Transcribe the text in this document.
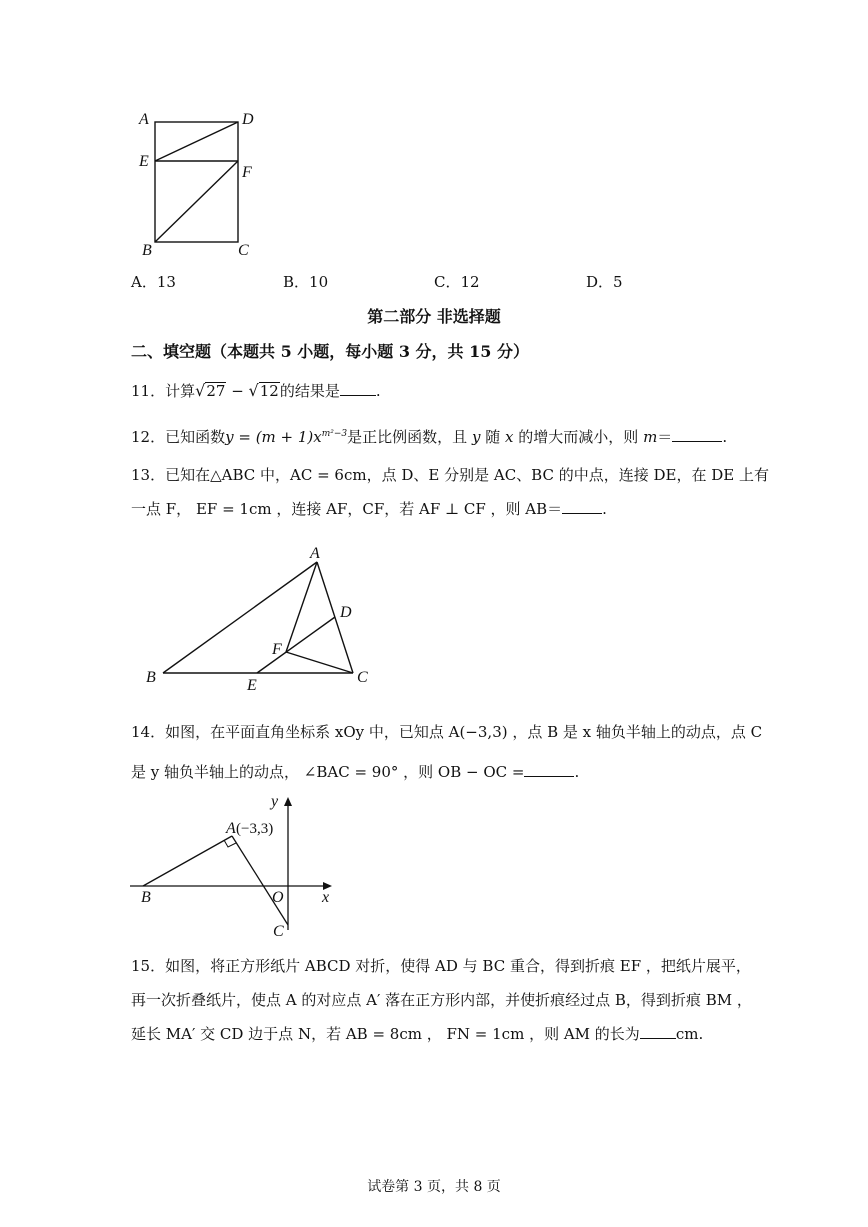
A	D
E
F
B	C
A．13	B．10	C．12	D．5
第二部分 非选择题
二、填空题（本题共 5 小题，每小题 3 分，共 15 分）
11．计算√27 − √12的结果是 .
12．已知函数$y = (m + 1)x^{m^2-3}$是正比例函数，且 y 随 x 的增大而减小，则 m＝	.
13．已知在△ABC 中，AC = 6cm，点 D、E 分别是 AC、BC 的中点，连接 DE，在 DE 上有
一点 F， EF = 1cm ，连接 AF，CF，若 AF ⊥ CF ，则 AB＝	.
A
D
F
B	E	C
14．如图，在平面直角坐标系 xOy 中，已知点 A(−3,3) ，点 B 是 x 轴负半轴上的动点，点 C
是 y 轴负半轴上的动点， ∠BAC = 90° ，则 OB − OC =	.
y
A (−3,3)
B	O x
C
15．如图，将正方形纸片 ABCD 对折，使得 AD 与 BC 重合，得到折痕 EF ，把纸片展平，
再一次折叠纸片，使点 A 的对应点 A′ 落在正方形内部，并使折痕经过点 B，得到折痕 BM ，
延长 MA′ 交 CD 边于点 N，若 AB = 8cm ， FN = 1cm ，则 AM 的长为 cm.
试卷第 3 页，共 8 页
